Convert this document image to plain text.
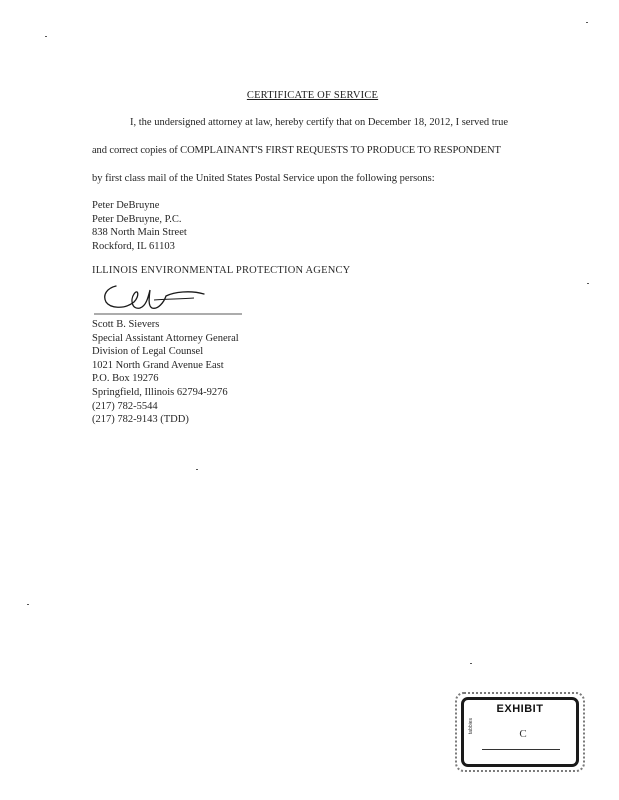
CERTIFICATE OF SERVICE
I, the undersigned attorney at law, hereby certify that on December 18, 2012, I served true
and correct copies of COMPLAINANT'S FIRST REQUESTS TO PRODUCE TO RESPONDENT
by first class mail of the United States Postal Service upon the following persons:
Peter DeBruyne
Peter DeBruyne, P.C.
838 North Main Street
Rockford, IL 61103
ILLINOIS ENVIRONMENTAL PROTECTION AGENCY
Scott B. Sievers
Special Assistant Attorney General
Division of Legal Counsel
1021 North Grand Avenue East
P.O. Box 19276
Springfield, Illinois 62794-9276
(217) 782-5544
(217) 782-9143 (TDD)
EXHIBIT
tabbies	C
